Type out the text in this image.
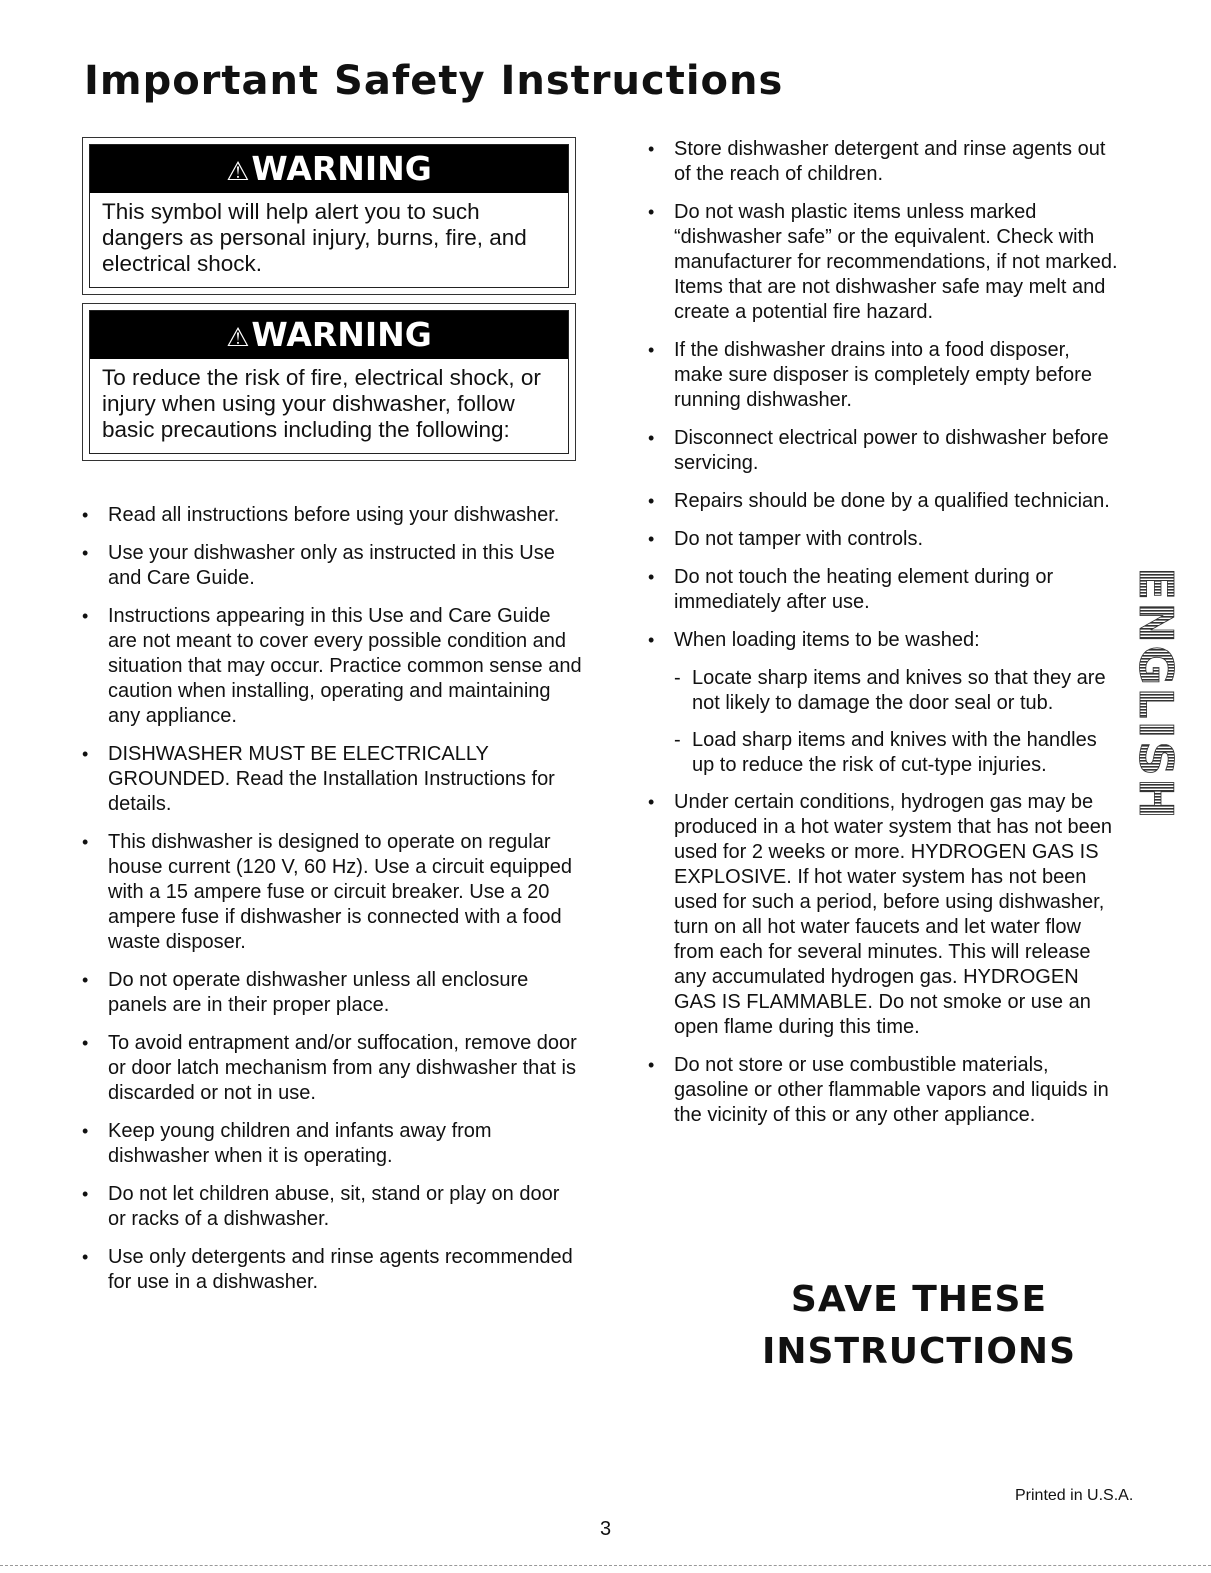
Important Safety Instructions
⚠WARNING
This symbol will help alert you to such dangers as personal injury, burns, fire, and electrical shock.
⚠WARNING
To reduce the risk of fire, electrical shock, or injury when using your dishwasher, follow basic precautions including the following:
• Read all instructions before using your dishwasher.
• Use your dishwasher only as instructed in this Use and Care Guide.
• Instructions appearing in this Use and Care Guide are not meant to cover every possible condition and situation that may occur. Practice common sense and caution when installing, operating and maintaining any appliance.
• DISHWASHER MUST BE ELECTRICALLY GROUNDED. Read the Installation Instructions for details.
• This dishwasher is designed to operate on regular house current (120 V, 60 Hz). Use a circuit equipped with a 15 ampere fuse or circuit breaker. Use a 20 ampere fuse if dishwasher is connected with a food waste disposer.
• Do not operate dishwasher unless all enclosure panels are in their proper place.
• To avoid entrapment and/or suffocation, remove door or door latch mechanism from any dishwasher that is discarded or not in use.
• Keep young children and infants away from dishwasher when it is operating.
• Do not let children abuse, sit, stand or play on door or racks of a dishwasher.
• Use only detergents and rinse agents recommended for use in a dishwasher.
• Store dishwasher detergent and rinse agents out of the reach of children.
• Do not wash plastic items unless marked “dishwasher safe” or the equivalent. Check with manufacturer for recommendations, if not marked. Items that are not dishwasher safe may melt and create a potential fire hazard.
• If the dishwasher drains into a food disposer, make sure disposer is completely empty before running dishwasher.
• Disconnect electrical power to dishwasher before servicing.
• Repairs should be done by a qualified technician.
• Do not tamper with controls.
• Do not touch the heating element during or immediately after use.
• When loading items to be washed:
- Locate sharp items and knives so that they are not likely to damage the door seal or tub.
- Load sharp items and knives with the handles up to reduce the risk of cut-type injuries.
• Under certain conditions, hydrogen gas may be produced in a hot water system that has not been used for 2 weeks or more. HYDROGEN GAS IS EXPLOSIVE. If hot water system has not been used for such a period, before using dishwasher, turn on all hot water faucets and let water flow from each for several minutes. This will release any accumulated hydrogen gas. HYDROGEN GAS IS FLAMMABLE. Do not smoke or use an open flame during this time.
• Do not store or use combustible materials, gasoline or other flammable vapors and liquids in the vicinity of this or any other appliance.
SAVE THESE
INSTRUCTIONS
ENGLISH
Printed in U.S.A.
3
